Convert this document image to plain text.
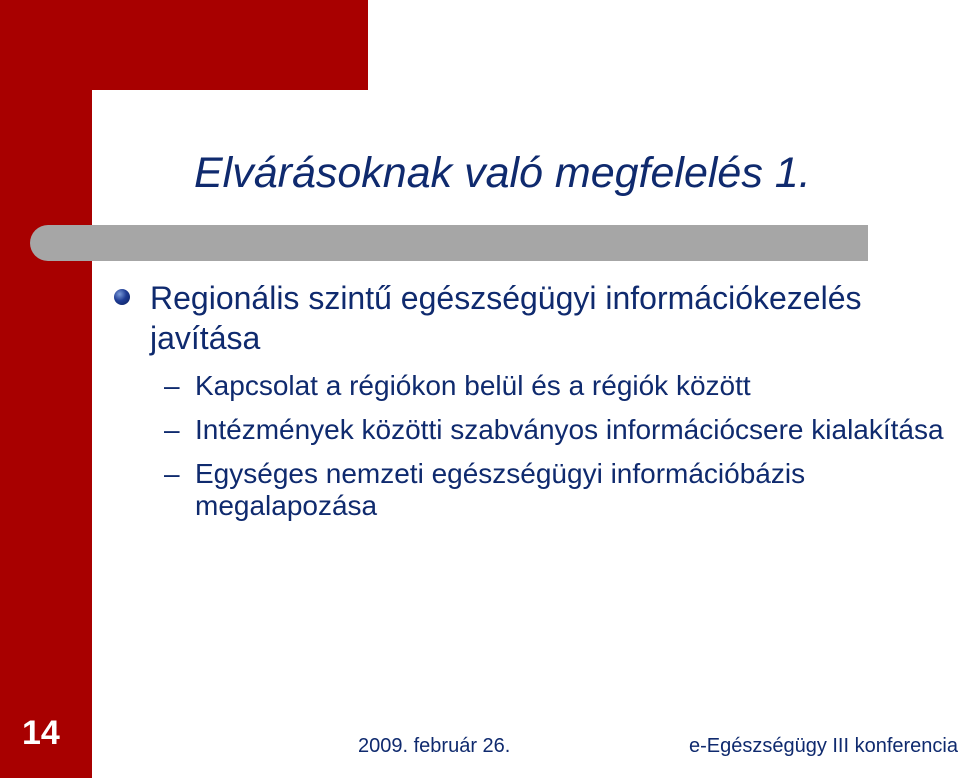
Elvárásoknak való megfelelés 1.
Regionális szintű egészségügyi információkezelés javítása
– Kapcsolat a régiókon belül és a régiók között
– Intézmények közötti szabványos információcsere kialakítása
– Egységes nemzeti egészségügyi információbázis megalapozása
14	2009. február 26.	e-Egészségügy III konferencia
